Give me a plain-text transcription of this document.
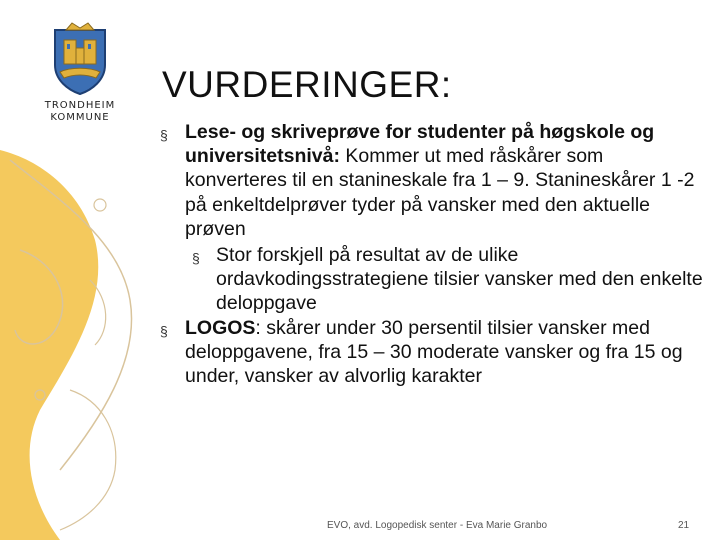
TRONDHEIM
KOMMUNE
VURDERINGER:
§ Lese- og skriveprøve for studenter på høgskole og universitetsnivå: Kommer ut med råskårer som konverteres til en stanineskale fra 1 – 9. Stanineskårer 1 -2 på enkeltdelprøver tyder på vansker med den aktuelle prøven
§ Stor forskjell på resultat av de ulike ordavkodingsstrategiene tilsier vansker med den enkelte deloppgave
§ LOGOS: skårer under 30 persentil tilsier vansker med deloppgavene, fra 15 – 30 moderate vansker og fra 15 og under, vansker av alvorlig karakter
EVO, avd. Logopedisk senter - Eva Marie Granbo	21
